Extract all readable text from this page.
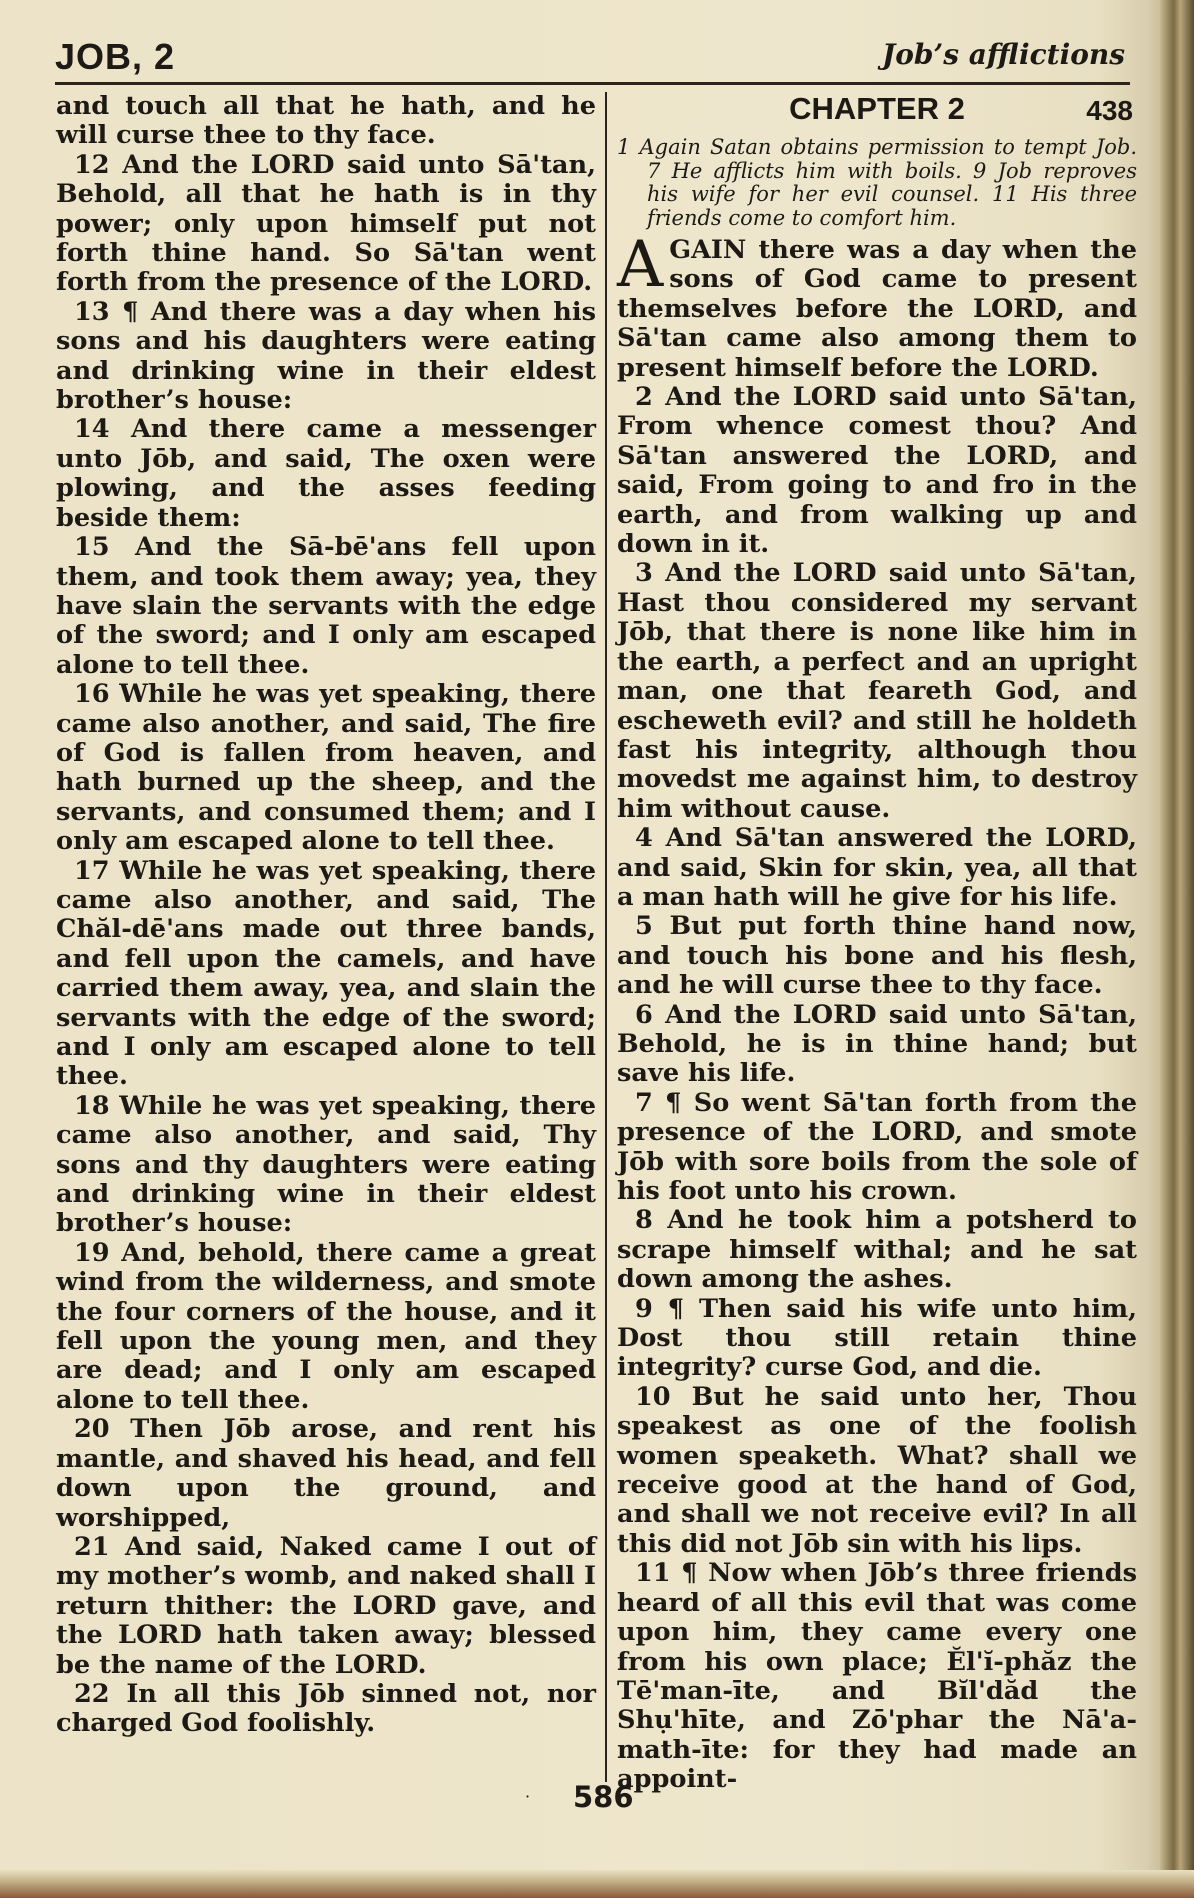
JOB, 2	Job’s afflictions

and touch all that he hath, and he will curse thee to thy face.

12 And the LORD said unto Sā'tan, Behold, all that he hath is in thy power; only upon himself put not forth thine hand. So Sā'tan went forth from the presence of the LORD.

13 ¶ And there was a day when his sons and his daughters were eating and drinking wine in their eldest brother’s house:

14 And there came a messenger unto Jōb, and said, The oxen were plowing, and the asses feeding beside them:

15 And the Sā-bē'ans fell upon them, and took them away; yea, they have slain the servants with the edge of the sword; and I only am escaped alone to tell thee.

16 While he was yet speaking, there came also another, and said, The fire of God is fallen from heaven, and hath burned up the sheep, and the servants, and consumed them; and I only am escaped alone to tell thee.

17 While he was yet speaking, there came also another, and said, The Chăl-dē'ans made out three bands, and fell upon the camels, and have carried them away, yea, and slain the servants with the edge of the sword; and I only am escaped alone to tell thee.

18 While he was yet speaking, there came also another, and said, Thy sons and thy daughters were eating and drinking wine in their eldest brother’s house:

19 And, behold, there came a great wind from the wilderness, and smote the four corners of the house, and it fell upon the young men, and they are dead; and I only am escaped alone to tell thee.

20 Then Jōb arose, and rent his mantle, and shaved his head, and fell down upon the ground, and worshipped,

21 And said, Naked came I out of my mother’s womb, and naked shall I return thither: the LORD gave, and the LORD hath taken away; blessed be the name of the LORD.

22 In all this Jōb sinned not, nor charged God foolishly.

CHAPTER 2	438

1 Again Satan obtains permission to tempt Job. 7 He afflicts him with boils. 9 Job reproves his wife for her evil counsel. 11 His three friends come to comfort him.

AGAIN there was a day when the sons of God came to present themselves before the LORD, and Sā'tan came also among them to present himself before the LORD.

2 And the LORD said unto Sā'tan, From whence comest thou? And Sā'tan answered the LORD, and said, From going to and fro in the earth, and from walking up and down in it.

3 And the LORD said unto Sā'tan, Hast thou considered my servant Jōb, that there is none like him in the earth, a perfect and an upright man, one that feareth God, and escheweth evil? and still he holdeth fast his integrity, although thou movedst me against him, to destroy him without cause.

4 And Sā'tan answered the LORD, and said, Skin for skin, yea, all that a man hath will he give for his life.

5 But put forth thine hand now, and touch his bone and his flesh, and he will curse thee to thy face.

6 And the LORD said unto Sā'tan, Behold, he is in thine hand; but save his life.

7 ¶ So went Sā'tan forth from the presence of the LORD, and smote Jōb with sore boils from the sole of his foot unto his crown.

8 And he took him a potsherd to scrape himself withal; and he sat down among the ashes.

9 ¶ Then said his wife unto him, Dost thou still retain thine integrity? curse God, and die.

10 But he said unto her, Thou speakest as one of the foolish women speaketh. What? shall we receive good at the hand of God, and shall we not receive evil? In all this did not Jōb sin with his lips.

11 ¶ Now when Jōb’s three friends heard of all this evil that was come upon him, they came every one from his own place; Ĕl'ĭ-phăz the Tē'man-īte, and Bĭl'dăd the Shụ'hīte, and Zō'phar the Nā'a-math-īte: for they had made an appoint-

· 586
